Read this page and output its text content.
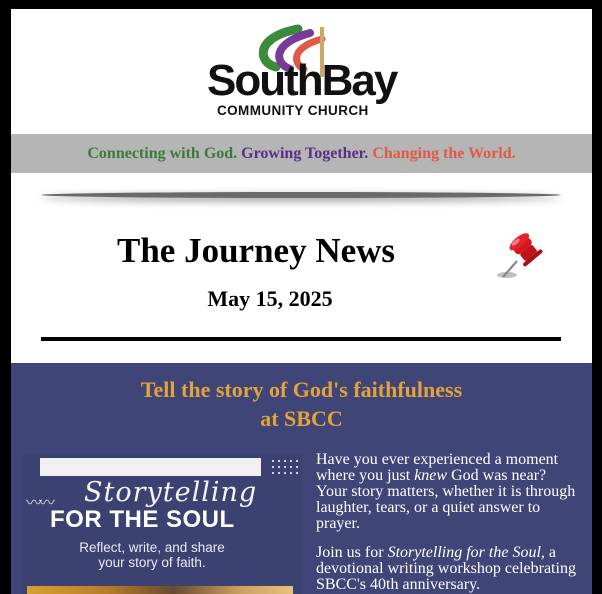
SouthBay
COMMUNITY CHURCH
Connecting with God. Growing Together. Changing the World.
The Journey News
May 15, 2025
Tell the story of God's faithfulness
at SBCC
〰〰 Storytelling
FOR THE SOUL
Reflect, write, and share
your story of faith.

Have you ever experienced a moment where you just knew God was near? Your story matters, whether it is through laughter, tears, or a quiet answer to prayer.

Join us for Storytelling for the Soul, a devotional writing workshop celebrating SBCC's 40th anniversary.
